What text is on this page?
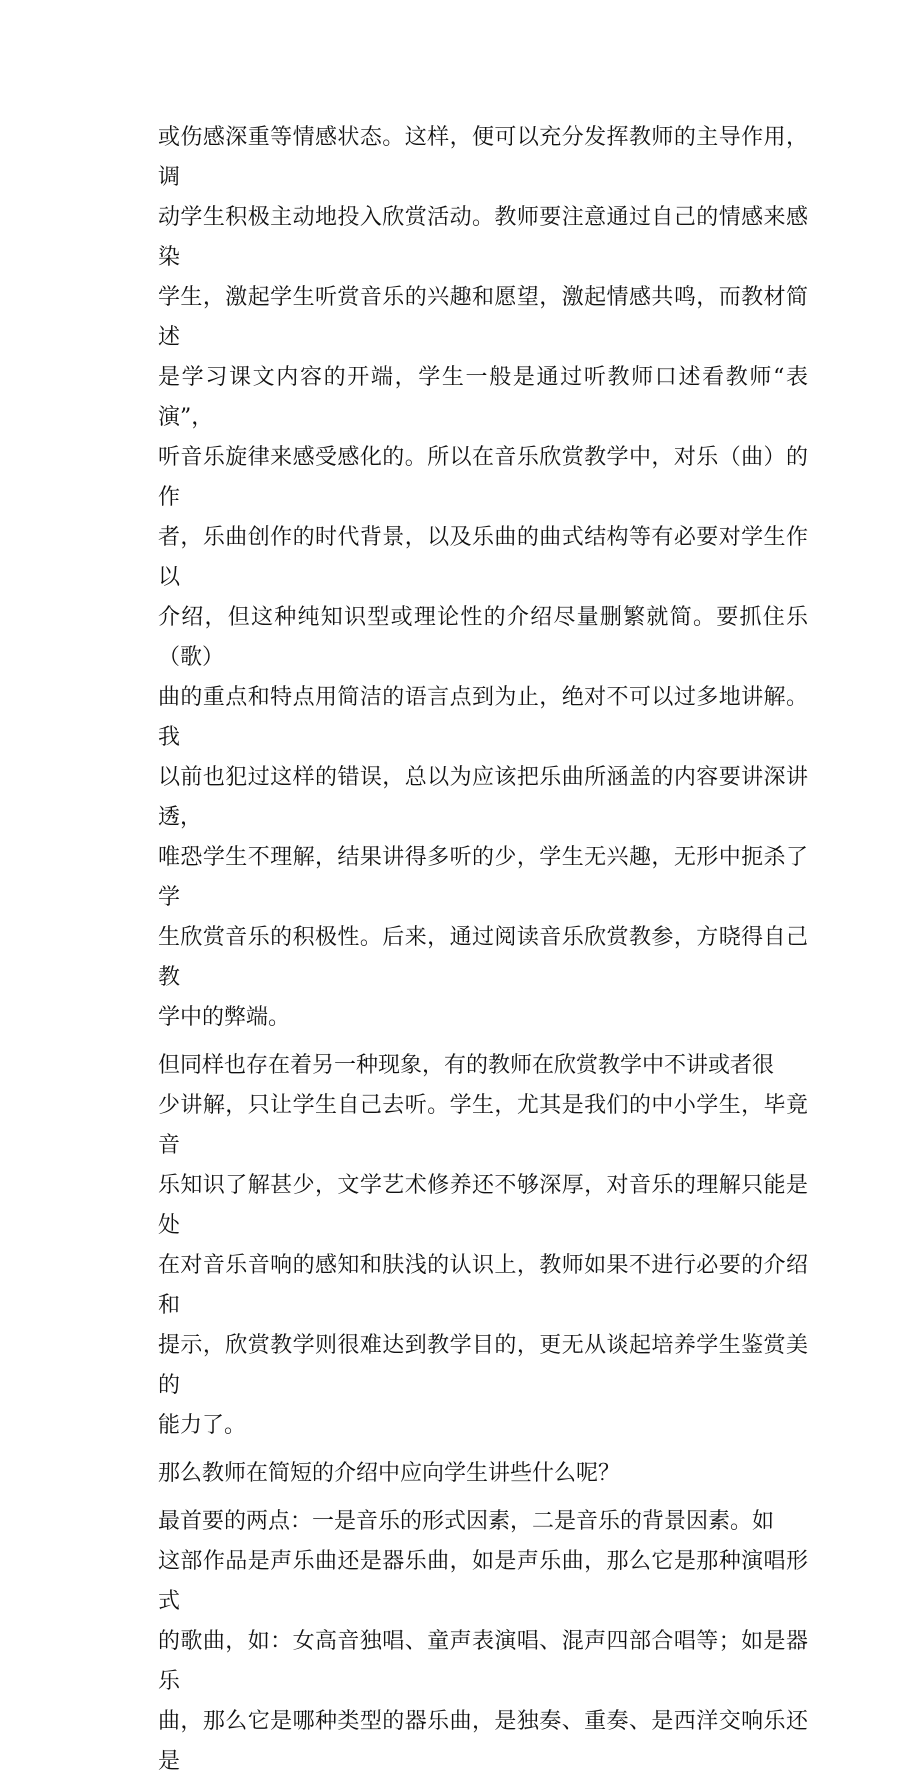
或伤感深重等情感状态。这样，便可以充分发挥教师的主导作用，调
动学生积极主动地投入欣赏活动。教师要注意通过自己的情感来感染
学生，激起学生听赏音乐的兴趣和愿望，激起情感共鸣，而教材简述
是学习课文内容的开端，学生一般是通过听教师口述看教师“表演”，
听音乐旋律来感受感化的。所以在音乐欣赏教学中，对乐（曲）的作
者，乐曲创作的时代背景，以及乐曲的曲式结构等有必要对学生作以
介绍，但这种纯知识型或理论性的介绍尽量删繁就简。要抓住乐（歌）
曲的重点和特点用简洁的语言点到为止，绝对不可以过多地讲解。我
以前也犯过这样的错误，总以为应该把乐曲所涵盖的内容要讲深讲透，
唯恐学生不理解，结果讲得多听的少，学生无兴趣，无形中扼杀了学
生欣赏音乐的积极性。后来，通过阅读音乐欣赏教参，方晓得自己教
学中的弊端。

但同样也存在着另一种现象，有的教师在欣赏教学中不讲或者很
少讲解，只让学生自己去听。学生，尤其是我们的中小学生，毕竟音
乐知识了解甚少，文学艺术修养还不够深厚，对音乐的理解只能是处
在对音乐音响的感知和肤浅的认识上，教师如果不进行必要的介绍和
提示，欣赏教学则很难达到教学目的，更无从谈起培养学生鉴赏美的
能力了。

那么教师在简短的介绍中应向学生讲些什么呢？

最首要的两点：一是音乐的形式因素，二是音乐的背景因素。如
这部作品是声乐曲还是器乐曲，如是声乐曲，那么它是那种演唱形式
的歌曲，如：女高音独唱、童声表演唱、混声四部合唱等；如是器乐
曲，那么它是哪种类型的器乐曲，是独奏、重奏、是西洋交响乐还是
